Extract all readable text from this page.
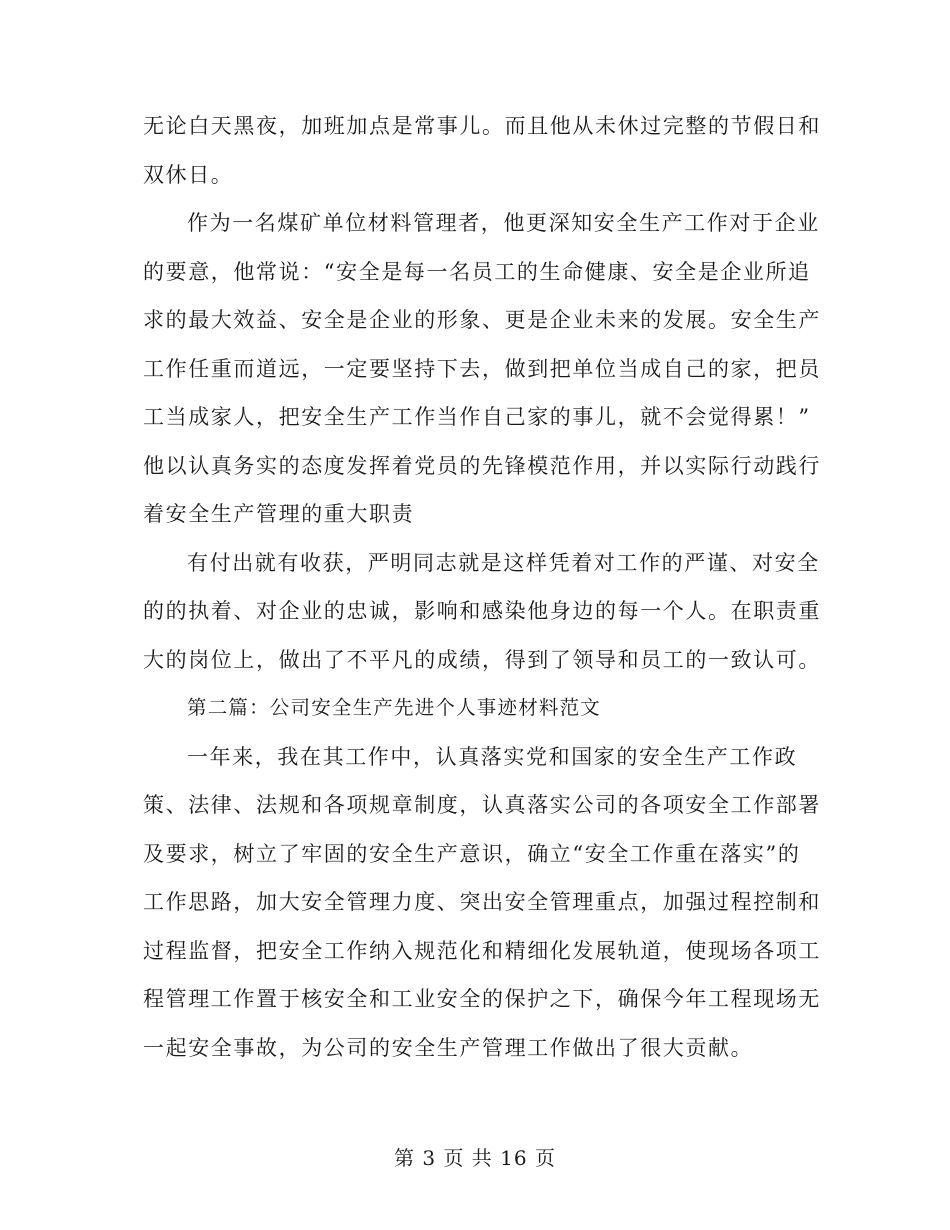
无论白天黑夜，加班加点是常事儿。而且他从未休过完整的节假日和
双休日。
作为一名煤矿单位材料管理者，他更深知安全生产工作对于企业
的要意，他常说：“安全是每一名员工的生命健康、安全是企业所追
求的最大效益、安全是企业的形象、更是企业未来的发展。安全生产
工作任重而道远，一定要坚持下去，做到把单位当成自己的家，把员
工当成家人，把安全生产工作当作自己家的事儿，就不会觉得累！”
他以认真务实的态度发挥着党员的先锋模范作用，并以实际行动践行
着安全生产管理的重大职责
有付出就有收获，严明同志就是这样凭着对工作的严谨、对安全
的的执着、对企业的忠诚，影响和感染他身边的每一个人。在职责重
大的岗位上，做出了不平凡的成绩，得到了领导和员工的一致认可。
第二篇：公司安全生产先进个人事迹材料范文
一年来，我在其工作中，认真落实党和国家的安全生产工作政
策、法律、法规和各项规章制度，认真落实公司的各项安全工作部署
及要求，树立了牢固的安全生产意识，确立“安全工作重在落实”的
工作思路，加大安全管理力度、突出安全管理重点，加强过程控制和
过程监督，把安全工作纳入规范化和精细化发展轨道，使现场各项工
程管理工作置于核安全和工业安全的保护之下，确保今年工程现场无
一起安全事故，为公司的安全生产管理工作做出了很大贡献。
第 3 页 共 16 页
